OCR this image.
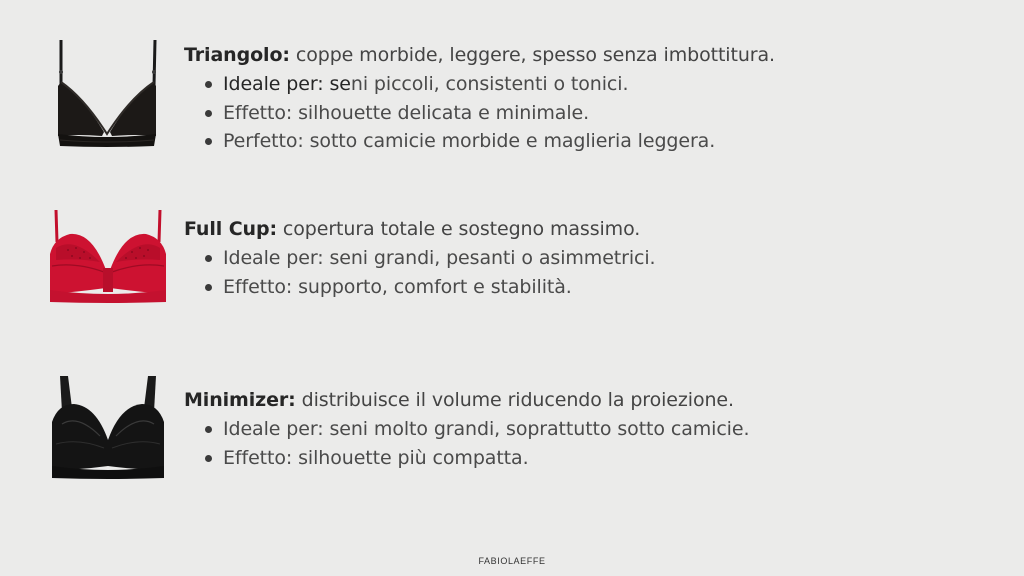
Triangolo: coppe morbide, leggere, spesso senza imbottitura.
Ideale per: seni piccoli, consistenti o tonici.
Effetto: silhouette delicata e minimale.
Perfetto: sotto camicie morbide e maglieria leggera.
Full Cup: copertura totale e sostegno massimo.
Ideale per: seni grandi, pesanti o asimmetrici.
Effetto: supporto, comfort e stabilità.
Minimizer: distribuisce il volume riducendo la proiezione.
Ideale per: seni molto grandi, soprattutto sotto camicie.
Effetto: silhouette più compatta.
FABIOLAEFFE
